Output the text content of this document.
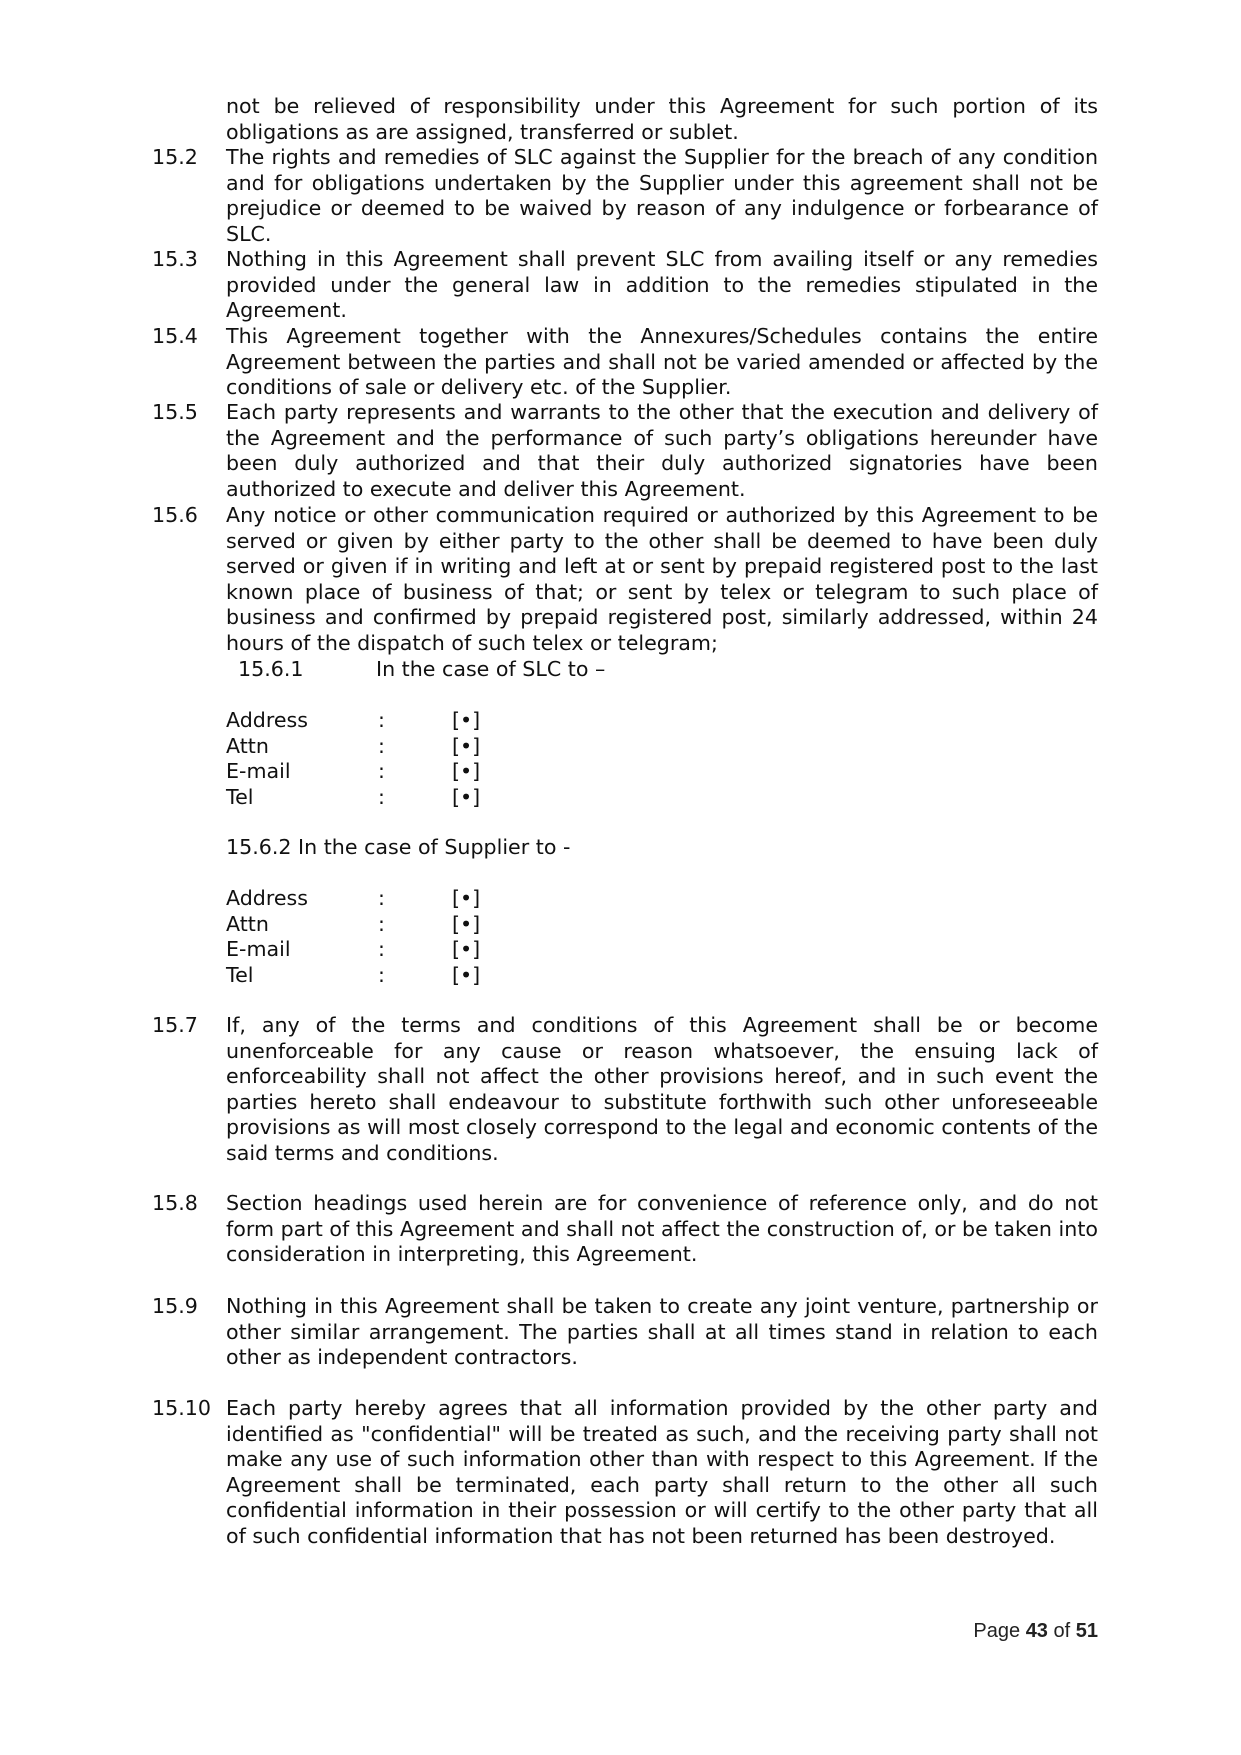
not be relieved of responsibility under this Agreement for such portion of its obligations as are assigned, transferred or sublet.
15.2 The rights and remedies of SLC against the Supplier for the breach of any condition and for obligations undertaken by the Supplier under this agreement shall not be prejudice or deemed to be waived by reason of any indulgence or forbearance of SLC.
15.3 Nothing in this Agreement shall prevent SLC from availing itself or any remedies provided under the general law in addition to the remedies stipulated in the Agreement.
15.4 This Agreement together with the Annexures/Schedules contains the entire Agreement between the parties and shall not be varied amended or affected by the conditions of sale or delivery etc. of the Supplier.
15.5 Each party represents and warrants to the other that the execution and delivery of the Agreement and the performance of such party’s obligations hereunder have been duly authorized and that their duly authorized signatories have been authorized to execute and deliver this Agreement.
15.6 Any notice or other communication required or authorized by this Agreement to be served or given by either party to the other shall be deemed to have been duly served or given if in writing and left at or sent by prepaid registered post to the last known place of business of that; or sent by telex or telegram to such place of business and confirmed by prepaid registered post, similarly addressed, within 24 hours of the dispatch of such telex or telegram;
15.6.1	In the case of SLC to –
Address	:	[•]
Attn	:	[•]
E-mail	:	[•]
Tel	:	[•]
15.6.2 In the case of Supplier to -
Address	:	[•]
Attn	:	[•]
E-mail	:	[•]
Tel	:	[•]
15.7 If, any of the terms and conditions of this Agreement shall be or become unenforceable for any cause or reason whatsoever, the ensuing lack of enforceability shall not affect the other provisions hereof, and in such event the parties hereto shall endeavour to substitute forthwith such other unforeseeable provisions as will most closely correspond to the legal and economic contents of the said terms and conditions.
15.8 Section headings used herein are for convenience of reference only, and do not form part of this Agreement and shall not affect the construction of, or be taken into consideration in interpreting, this Agreement.
15.9 Nothing in this Agreement shall be taken to create any joint venture, partnership or other similar arrangement. The parties shall at all times stand in relation to each other as independent contractors.
15.10 Each party hereby agrees that all information provided by the other party and identified as "confidential" will be treated as such, and the receiving party shall not make any use of such information other than with respect to this Agreement. If the Agreement shall be terminated, each party shall return to the other all such confidential information in their possession or will certify to the other party that all of such confidential information that has not been returned has been destroyed.
Page 43 of 51
